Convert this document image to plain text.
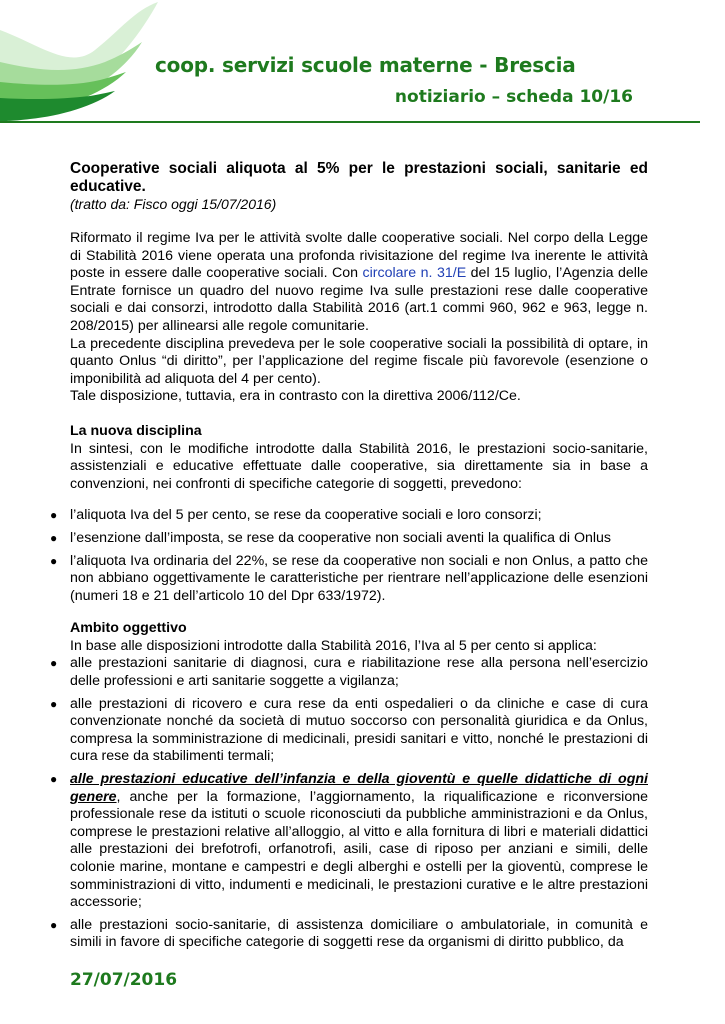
coop. servizi scuole materne - Brescia
notiziario – scheda 10/16
Cooperative sociali aliquota al 5% per le prestazioni sociali, sanitarie ed educative.
(tratto da: Fisco oggi 15/07/2016)

Riformato il regime Iva per le attività svolte dalle cooperative sociali. Nel corpo della Legge di Stabilità 2016 viene operata una profonda rivisitazione del regime Iva inerente le attività poste in essere dalle cooperative sociali. Con circolare n. 31/E del 15 luglio, l’Agenzia delle Entrate fornisce un quadro del nuovo regime Iva sulle prestazioni rese dalle cooperative sociali e dai consorzi, introdotto dalla Stabilità 2016 (art.1 commi 960, 962 e 963, legge n. 208/2015) per allinearsi alle regole comunitarie.

La precedente disciplina prevedeva per le sole cooperative sociali la possibilità di optare, in quanto Onlus “di diritto”, per l’applicazione del regime fiscale più favorevole (esenzione o imponibilità ad aliquota del 4 per cento).

Tale disposizione, tuttavia, era in contrasto con la direttiva 2006/112/Ce.

La nuova disciplina

In sintesi, con le modifiche introdotte dalla Stabilità 2016, le prestazioni socio-sanitarie, assistenziali e educative effettuate dalle cooperative, sia direttamente sia in base a convenzioni, nei confronti di specifiche categorie di soggetti, prevedono:

● l’aliquota Iva del 5 per cento, se rese da cooperative sociali e loro consorzi;
● l’esenzione dall’imposta, se rese da cooperative non sociali aventi la qualifica di Onlus
● l’aliquota Iva ordinaria del 22%, se rese da cooperative non sociali e non Onlus, a patto che non abbiano oggettivamente le caratteristiche per rientrare nell’applicazione delle esenzioni (numeri 18 e 21 dell’articolo 10 del Dpr 633/1972).
Ambito oggettivo

In base alle disposizioni introdotte dalla Stabilità 2016, l’Iva al 5 per cento si applica:

● alle prestazioni sanitarie di diagnosi, cura e riabilitazione rese alla persona nell’esercizio delle professioni e arti sanitarie soggette a vigilanza;
● alle prestazioni di ricovero e cura rese da enti ospedalieri o da cliniche e case di cura convenzionate nonché da società di mutuo soccorso con personalità giuridica e da Onlus, compresa la somministrazione di medicinali, presidi sanitari e vitto, nonché le prestazioni di cura rese da stabilimenti termali;
● alle prestazioni educative dell’infanzia e della gioventù e quelle didattiche di ogni genere, anche per la formazione, l’aggiornamento, la riqualificazione e riconversione professionale rese da istituti o scuole riconosciuti da pubbliche amministrazioni e da Onlus, comprese le prestazioni relative all’alloggio, al vitto e alla fornitura di libri e materiali didattici alle prestazioni dei brefotrofi, orfanotrofi, asili, case di riposo per anziani e simili, delle colonie marine, montane e campestri e degli alberghi e ostelli per la gioventù, comprese le somministrazioni di vitto, indumenti e medicinali, le prestazioni curative e le altre prestazioni accessorie;
● alle prestazioni socio-sanitarie, di assistenza domiciliare o ambulatoriale, in comunità e simili in favore di specifiche categorie di soggetti rese da organismi di diritto pubblico, da
27/07/2016
